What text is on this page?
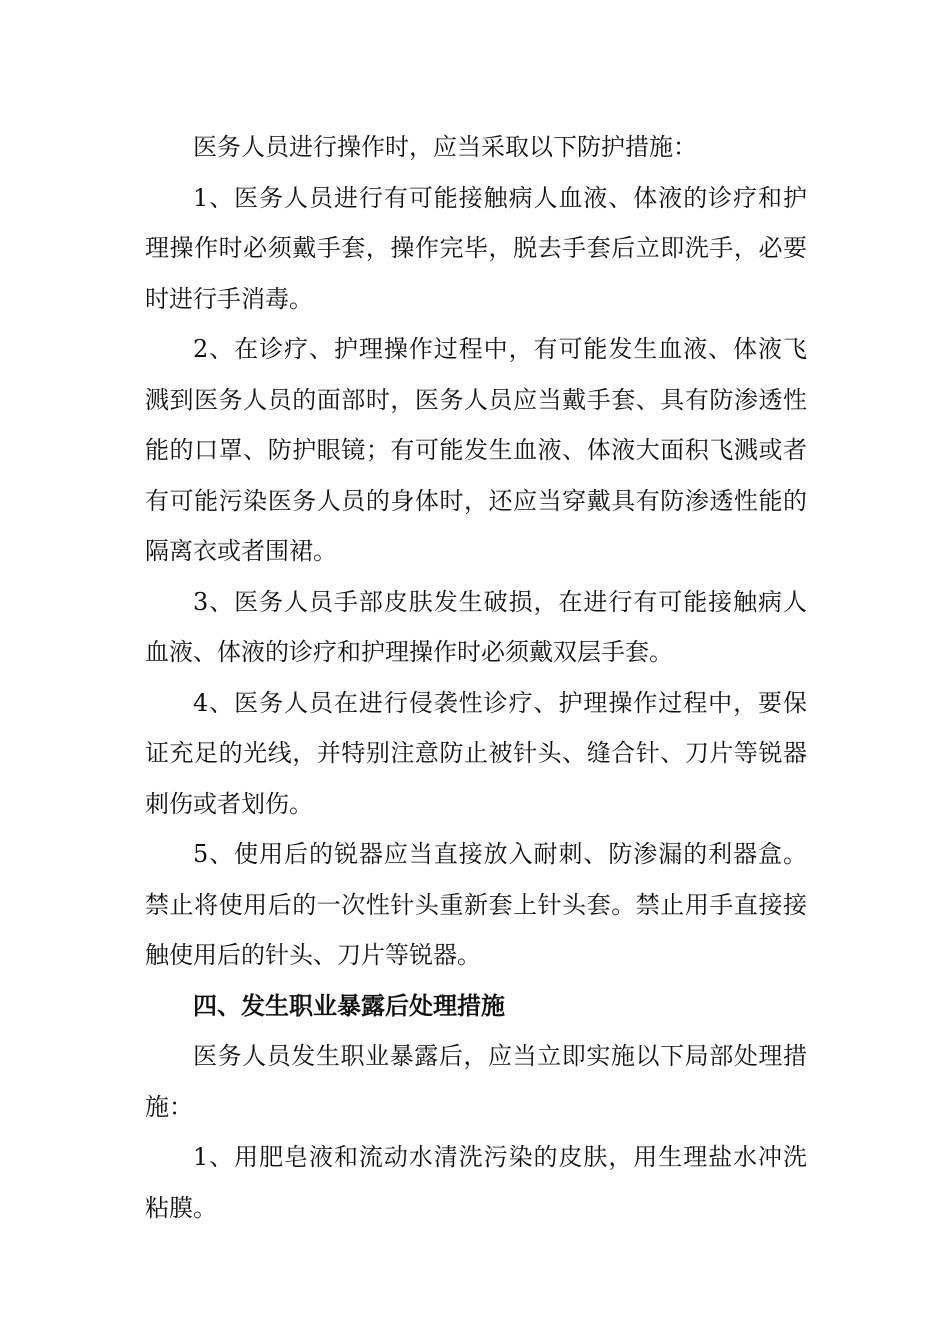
医务人员进行操作时，应当采取以下防护措施：

1、医务人员进行有可能接触病人血液、体液的诊疗和护理操作时必须戴手套，操作完毕，脱去手套后立即洗手，必要时进行手消毒。

2、在诊疗、护理操作过程中，有可能发生血液、体液飞溅到医务人员的面部时，医务人员应当戴手套、具有防渗透性能的口罩、防护眼镜；有可能发生血液、体液大面积飞溅或者有可能污染医务人员的身体时，还应当穿戴具有防渗透性能的隔离衣或者围裙。

3、医务人员手部皮肤发生破损，在进行有可能接触病人血液、体液的诊疗和护理操作时必须戴双层手套。

4、医务人员在进行侵袭性诊疗、护理操作过程中，要保证充足的光线，并特别注意防止被针头、缝合针、刀片等锐器刺伤或者划伤。

5、使用后的锐器应当直接放入耐刺、防渗漏的利器盒。禁止将使用后的一次性针头重新套上针头套。禁止用手直接接触使用后的针头、刀片等锐器。

四、发生职业暴露后处理措施

医务人员发生职业暴露后，应当立即实施以下局部处理措施：

1、用肥皂液和流动水清洗污染的皮肤，用生理盐水冲洗粘膜。
